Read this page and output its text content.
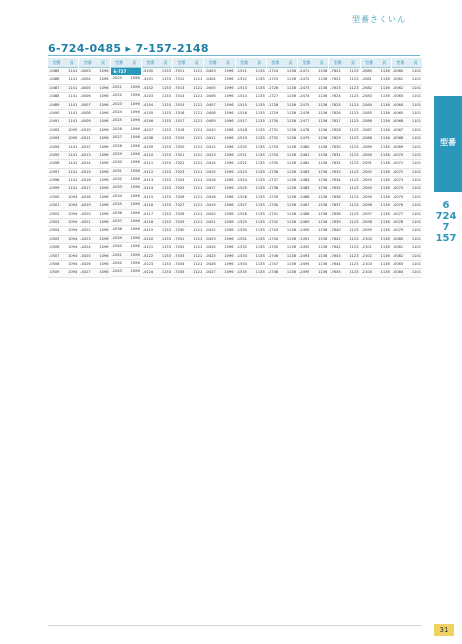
型番さくいん
6-724-0485 ▸ 7-157-2148
型番
6
724
7
157
型番 頁
-0485 1141
-0486 1141
-0487 1141
-0488 1141
-0489 1141
-0490 1141
-0491 1141
-0492 1095
-0493 1095
-0494 1141
-0495 1141
-0496 1141
-0497 1141
-0498 1141
-0499 1141
-0500 1094
-0501 1094
-0502 1094
-0503 1094
-0504 1094
-0505 1094
-0506 1094
-0507 1094
-0508 1094
-0509 1094
型番 頁
-4003 1096
-4004 1096
-4005 1096
-4006 1096
-4007 1096
-4008 1096
-4009 1096
-4010 1096
-4011 1096
-4012 1096
-4013 1096
-4014 1096
-4015 1096
-4016 1096
-4017 1096
-4018 1096
-4019 1096
-4020 1096
-4021 1096
-4022 1096
-4023 1096
-4024 1096
-4025 1096
-4026 1096
-4027 1096
型番 頁
6-727
-2020 1096
-2021 1096
-2022 1096
-2023 1096
-2024 1096
-2025 1096
-2026 1096
-2027 1096
-2028 1096
-2029 1096
-2030 1096
-2031 1096
-2032 1096
-2033 1096
-2034 1096
-2035 1096
-2036 1096
-2037 1096
-2038 1096
-2039 1096
-2040 1096
-2041 1096
-2042 1096
-2043 1096
型番 頁
-4100 1153
-4101 1153
-4102 1153
-4103 1153
-4104 1153
-4105 1153
-4106 1153
-4107 1153
-4108 1153
-4109 1153
-4110 1153
-4111 1153
-4112 1153
-4113 1153
-4114 1153
-4115 1153
-4116 1153
-4117 1153
-4118 1153
-4119 1153
-4120 1153
-4121 1153
-4122 1153
-4123 1153
-4124 1153
型番 頁
-7011 1121
-7012 1121
-7013 1121
-7014 1121
-7015 1121
-7016 1121
-7017 1121
-7018 1121
-7019 1121
-7020 1121
-7021 1121
-7022 1121
-7023 1121
-7024 1121
-7025 1121
-7026 1121
-7027 1121
-7028 1121
-7029 1121
-7030 1121
-7031 1121
-7032 1121
-7033 1121
-7034 1121
-7035 1121
型番 頁
-0403 1096
-0404 1096
-0405 1096
-0406 1096
-0407 1096
-0408 1096
-0409 1096
-0410 1096
-0411 1096
-0412 1096
-0413 1096
-0414 1096
-0415 1096
-0416 1096
-0417 1096
-0418 1096
-0419 1096
-0420 1096
-0421 1096
-0422 1096
-0423 1096
-0424 1096
-0425 1096
-0426 1096
-0427 1096
型番 頁
-1511 1135
-1512 1135
-1513 1135
-1514 1135
-1515 1135
-1516 1135
-1517 1135
-1518 1135
-1519 1135
-1520 1135
-1521 1135
-1522 1135
-1523 1135
-1524 1135
-1525 1135
-1526 1135
-1527 1135
-1528 1135
-1529 1135
-1530 1135
-1531 1135
-1532 1135
-1533 1135
-1534 1135
-1535 1135
型番 頁
-1724 1136
-1725 1136
-1726 1136
-1727 1136
-1728 1136
-1729 1136
-1730 1136
-1731 1136
-1732 1136
-1733 1136
-1734 1136
-1735 1136
-1736 1136
-1737 1136
-1738 1136
-1739 1136
-1740 1136
-1741 1136
-1742 1136
-1743 1136
-1744 1136
-1745 1136
-1746 1136
-1747 1136
-1748 1136
型番 頁
-2471 1136
-2472 1136
-2473 1136
-2474 1136
-2475 1136
-2476 1136
-2477 1136
-2478 1136
-2479 1136
-2480 1136
-2481 1136
-2482 1136
-2483 1136
-2484 1136
-2485 1136
-2486 1136
-2487 1136
-2488 1136
-2489 1136
-2490 1136
-2491 1136
-2492 1136
-2493 1136
-2494 1136
-2495 1136
型番 頁
-7621 1123
-7622 1123
-7623 1123
-7624 1123
-7625 1123
-7626 1123
-7627 1123
-7628 1123
-7629 1123
-7630 1123
-7631 1123
-7632 1123
-7633 1123
-7634 1123
-7635 1123
-7636 1123
-7637 1123
-7638 1123
-7639 1123
-7640 1123
-7641 1123
-7642 1123
-7643 1123
-7644 1123
-7645 1123
型番 頁
-2080 1136
-2081 1136
-2082 1136
-2083 1136
-2084 1136
-2085 1136
-2086 1136
-2087 1136
-2088 1136
-2089 1136
-2090 1136
-2091 1136
-2092 1136
-2093 1136
-2094 1136
-2095 1136
-2096 1136
-2097 1136
-2098 1136
-2099 1136
-2100 1136
-2101 1136
-2102 1136
-2103 1136
-2104 1136
型番 頁
-0060 1101
-0061 1101
-0062 1101
-0063 1101
-0064 1101
-0065 1101
-0066 1101
-0067 1101
-0068 1101
-0069 1101
-0070 1101
-0071 1101
-0072 1101
-0073 1101
-0074 1101
-0075 1101
-0076 1101
-0077 1101
-0078 1101
-0079 1101
-0080 1101
-0081 1101
-0082 1101
-0083 1101
-0084 1101
31
